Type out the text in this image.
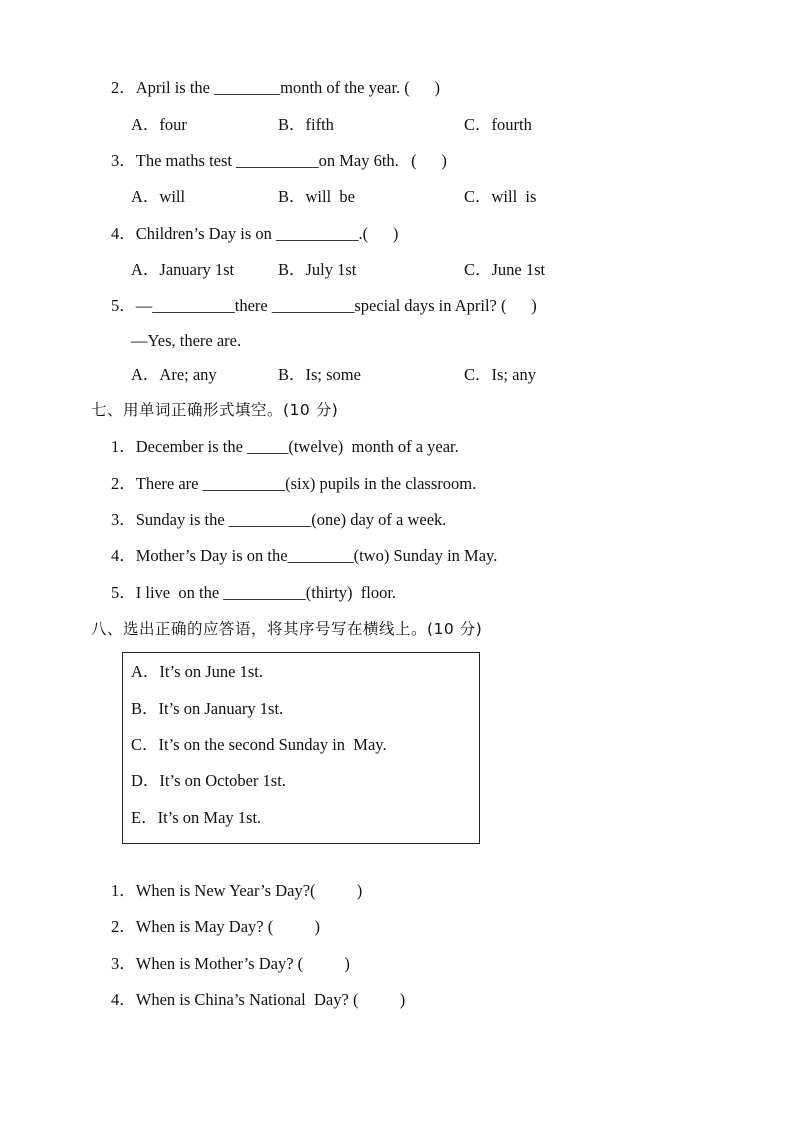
2．April is the ________month of the year. (      )
A．four	B．fifth	C．fourth
3．The maths test __________on May 6th.   (      )
A．will	B．will  be	C．will  is
4．Children’s Day is on __________.(      )
A．January 1st	B．July 1st	C．June 1st
5．—__________there __________special days in April? (      )
—Yes, there are.
A．Are; any	B．Is; some	C．Is; any
七、用单词正确形式填空。(10 分)
1．December is the _____(twelve)  month of a year.
2．There are __________(six) pupils in the classroom.
3．Sunday is the __________(one) day of a week.
4．Mother’s Day is on the________(two) Sunday in May.
5．I live  on the __________(thirty)  floor.
八、选出正确的应答语，将其序号写在横线上。(10 分)
A．It’s on June 1st.
B．It’s on January 1st.
C．It’s on the second Sunday in  May.
D．It’s on October 1st.
E．It’s on May 1st.
1．When is New Year’s Day?(          )
2．When is May Day? (          )
3．When is Mother’s Day? (          )
4．When is China’s National  Day? (          )
